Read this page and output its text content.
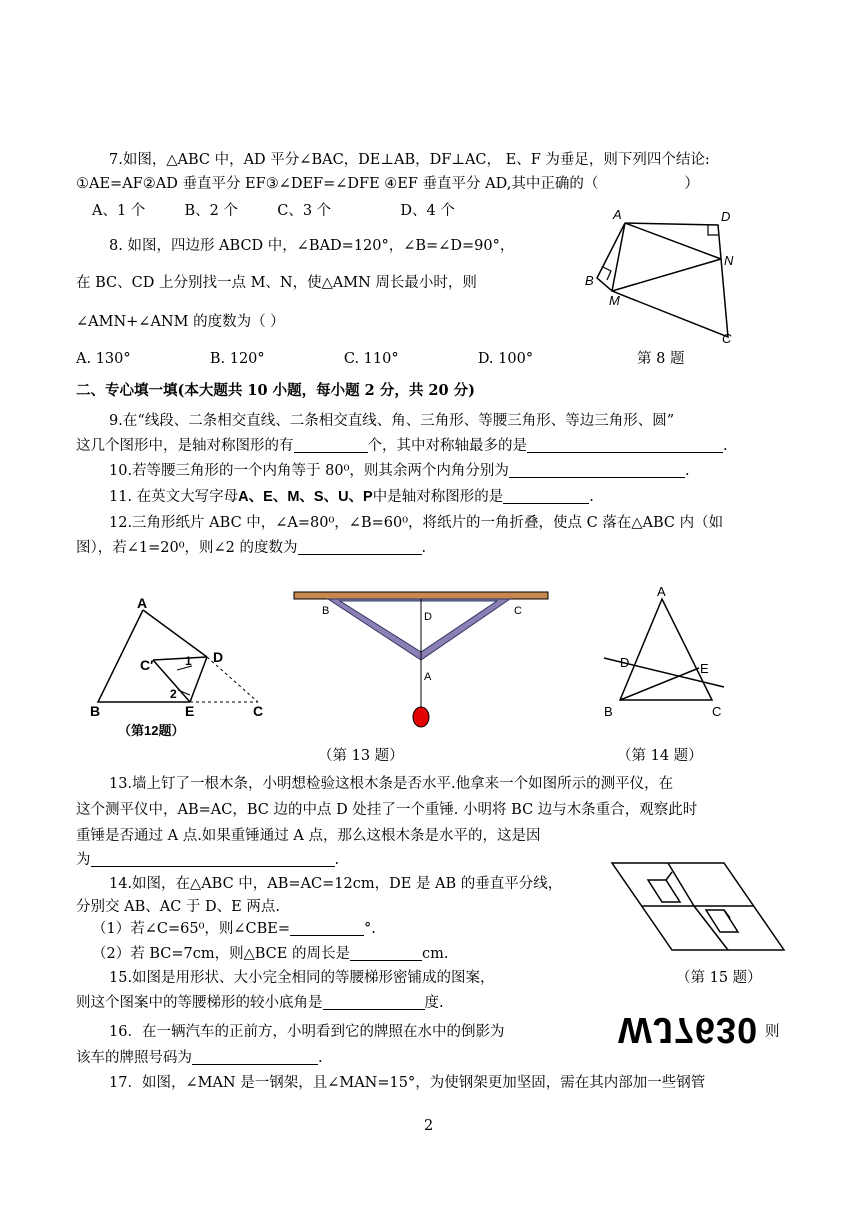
7.如图，△ABC 中，AD 平分∠BAC，DE⊥AB，DF⊥AC， E、F 为垂足，则下列四个结论:
①AE=AF②AD 垂直平分 EF③∠DEF=∠DFE ④EF 垂直平分 AD,其中正确的（	）
A、1 个	B、2 个	C、3 个	D、4 个
8. 如图，四边形 ABCD 中，∠BAD=120°，∠B=∠D=90°，
在 BC、CD 上分别找一点 M、N，使△AMN 周长最小时，则
∠AMN+∠ANM 的度数为（ ）
A. 130°	B. 120°	C. 110°	D. 100°	第 8 题
A	D
N
B
M
C
二、专心填一填(本大题共 10 小题，每小题 2 分，共 20 分)
9.在“线段、二条相交直线、二条相交直线、角、三角形、等腰三角形、等边三角形、圆”
这几个图形中，是轴对称图形的有	个，其中对称轴最多的是	.
10.若等腰三角形的一个内角等于 80⁰，则其余两个内角分别为	.
11. 在英文大写字母A、E、M、S、U、P中是轴对称图形的是	.
12.三角形纸片 ABC 中，∠A=80⁰，∠B=60⁰，将纸片的一角折叠，使点 C 落在△ABC 内（如
图），若∠1=20⁰，则∠2 的度数为	.
A
C′	1 D
2
B	E	C
（第12题）
B	D	C
A
A
D	E
B	C
（第 13 题）	（第 14 题）
13.墙上钉了一根木条，小明想检验这根木条是否水平.他拿来一个如图所示的测平仪，在
这个测平仪中，AB=AC，BC 边的中点 D 处挂了一个重锤. 小明将 BC 边与木条重合，观察此时
重锤是否通过 A 点.如果重锤通过 A 点，那么这根木条是水平的，这是因
为	.
14.如图，在△ABC 中，AB=AC=12cm，DE 是 AB 的垂直平分线，
分别交 AB、AC 于 D、E 两点.
（1）若∠C=65⁰，则∠CBE=	°.
（2）若 BC=7cm，则△BCE 的周长是	cm.
15.如图是用形状、大小完全相同的等腰梯形密铺成的图案，	（第 15 题）
则这个图案中的等腰梯形的较小底角是	度.
16．在一辆汽车的正前方，小明看到它的牌照在水中的倒影为	WJ7630 则
该车的牌照号码为	.
17．如图，∠MAN 是一钢架，且∠MAN=15°，为使钢架更加坚固，需在其内部加一些钢管
2
